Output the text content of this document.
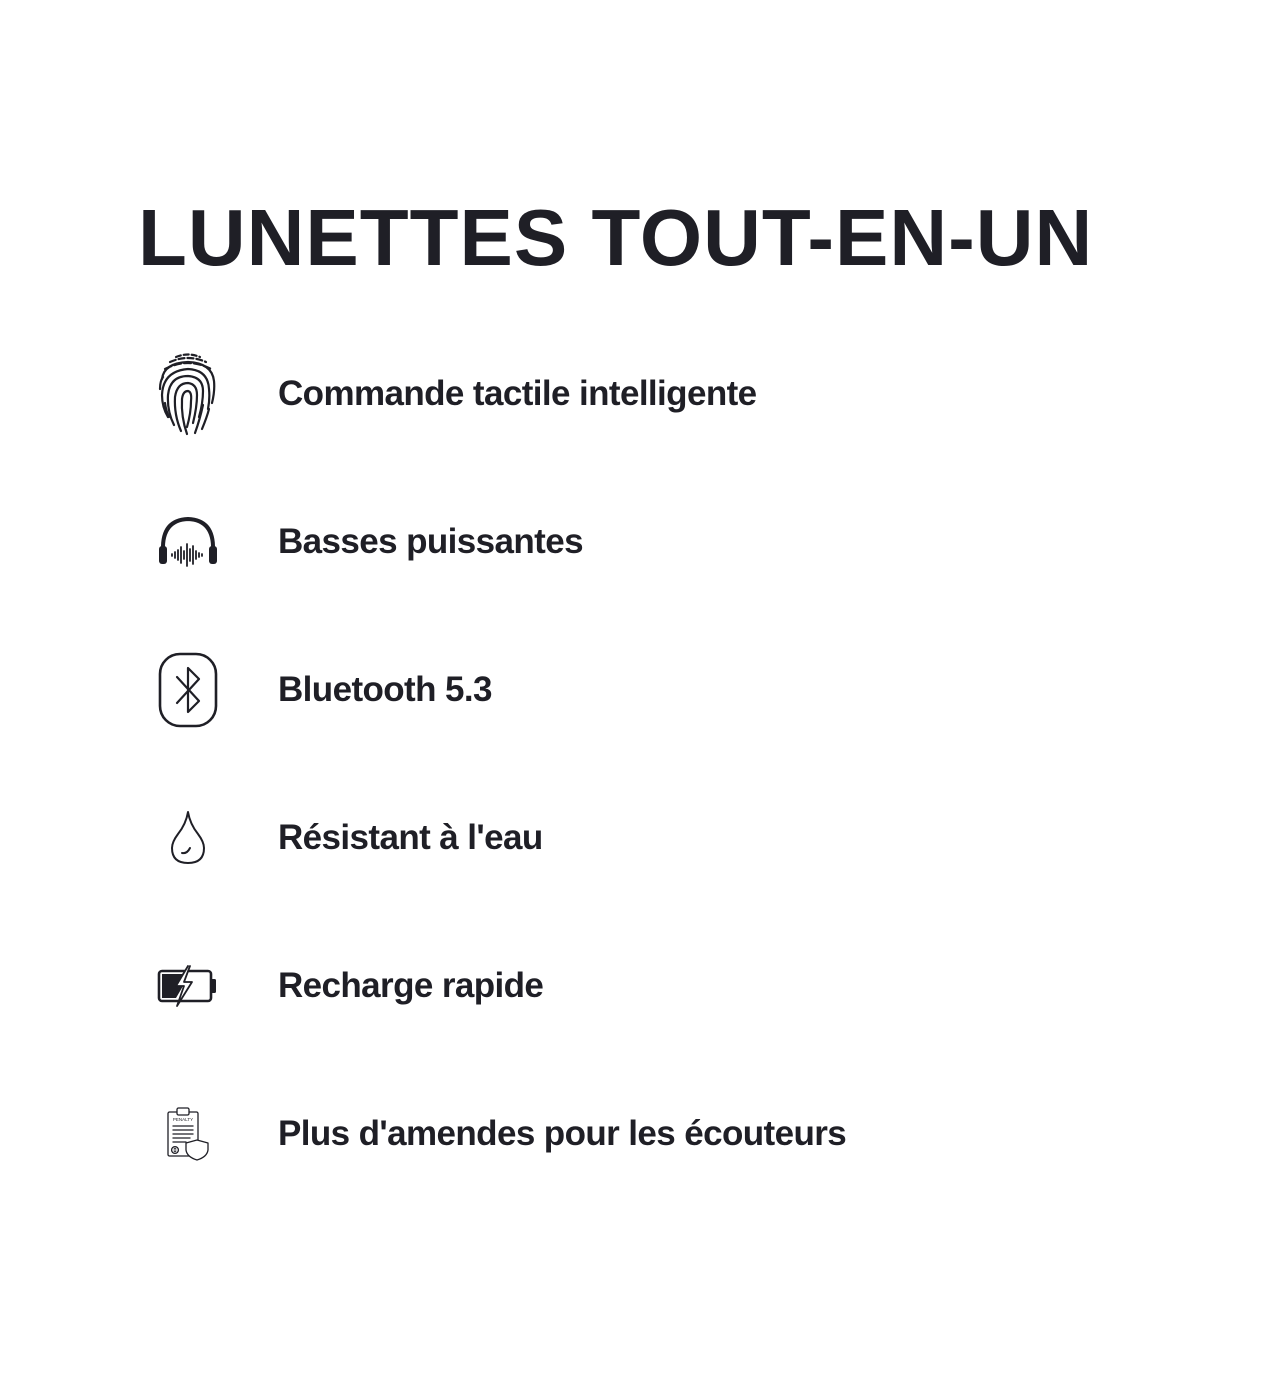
LUNETTES TOUT-EN-UN
Commande tactile intelligente
Basses puissantes
Bluetooth 5.3
Résistant à l'eau
Recharge rapide
PENALTY Plus d'amendes pour les écouteurs
